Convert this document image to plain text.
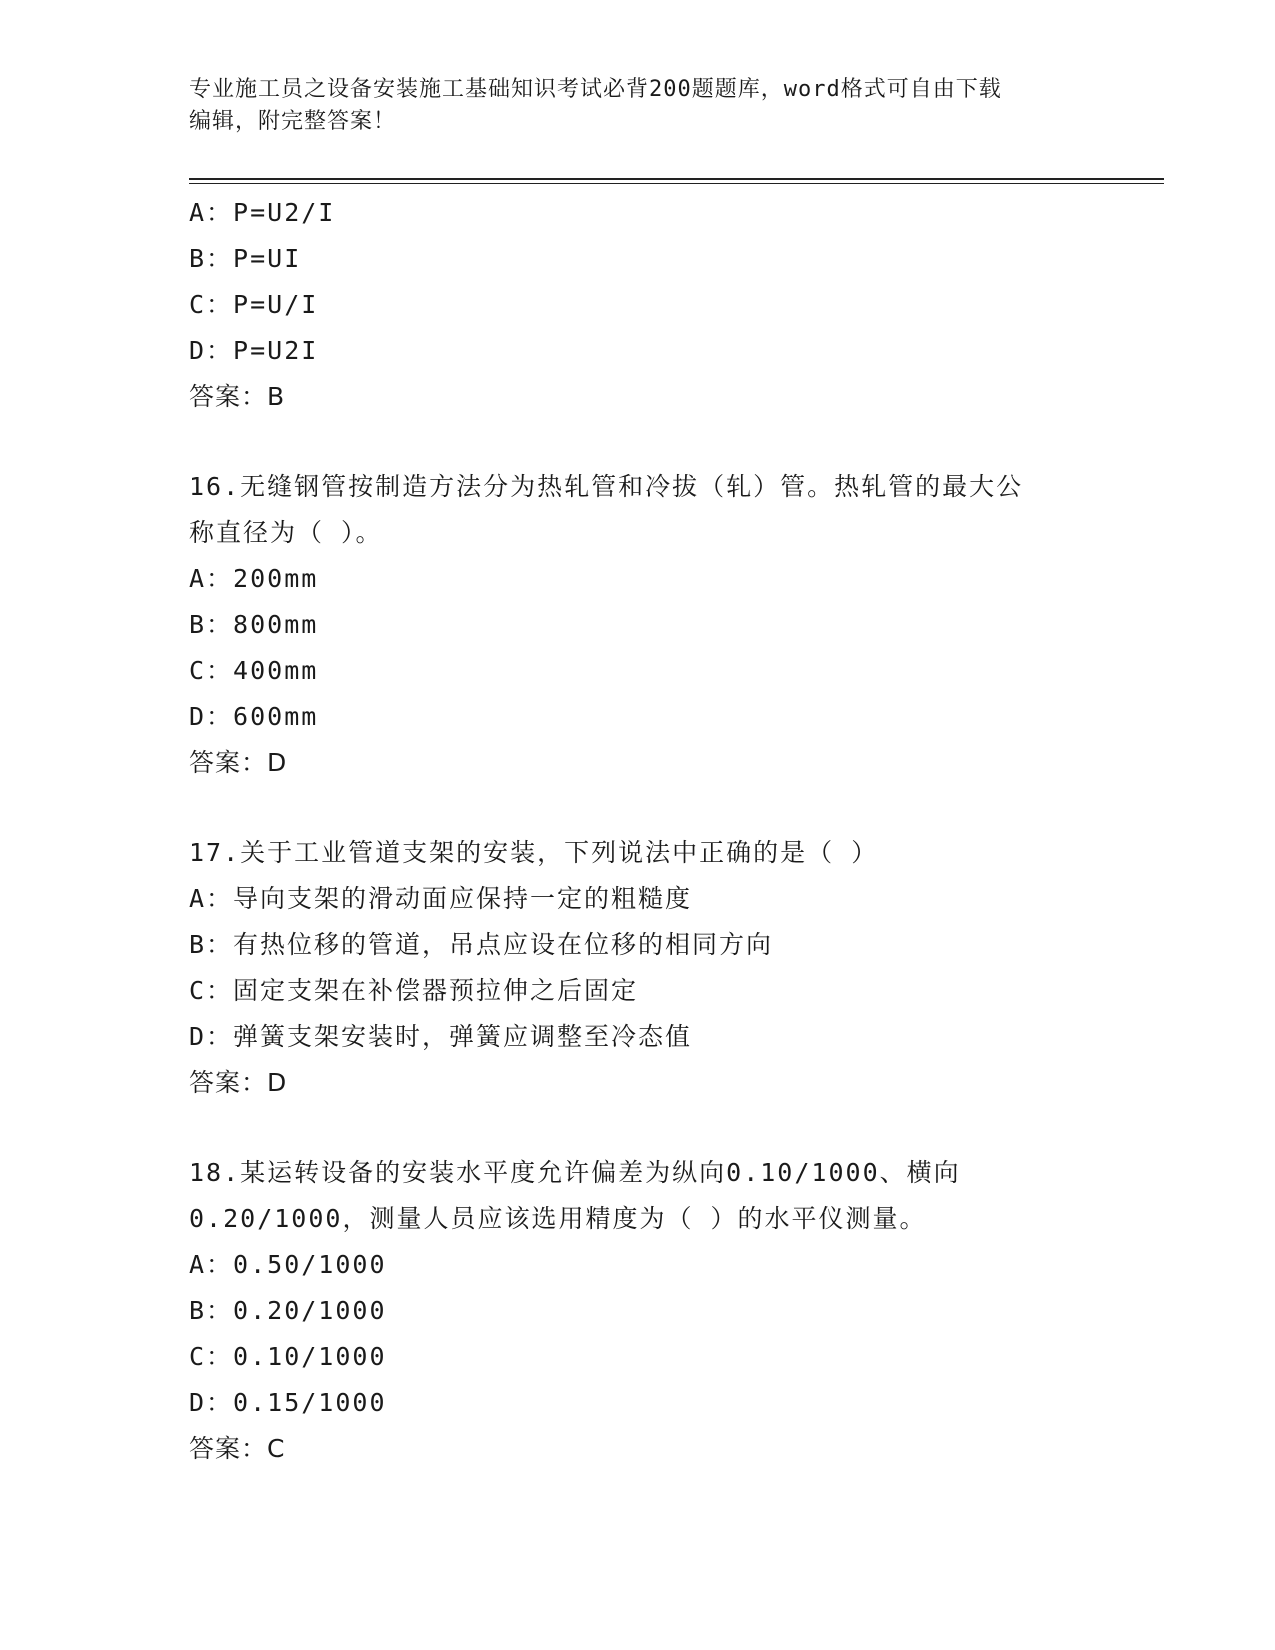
专业施工员之设备安装施工基础知识考试必背200题题库，word格式可自由下载
编辑，附完整答案！
A：P=U2/I
B：P=UI
C：P=U/I
D：P=U2I
答案：B
16.无缝钢管按制造方法分为热轧管和冷拔（轧）管。热轧管的最大公
称直径为（ ）。
A：200mm
B：800mm
C：400mm
D：600mm
答案：D
17.关于工业管道支架的安装，下列说法中正确的是（ ）
A：导向支架的滑动面应保持一定的粗糙度
B：有热位移的管道，吊点应设在位移的相同方向
C：固定支架在补偿器预拉伸之后固定
D：弹簧支架安装时，弹簧应调整至冷态值
答案：D
18.某运转设备的安装水平度允许偏差为纵向0.10/1000、横向
0.20/1000，测量人员应该选用精度为（ ）的水平仪测量。
A：0.50/1000
B：0.20/1000
C：0.10/1000
D：0.15/1000
答案：C
